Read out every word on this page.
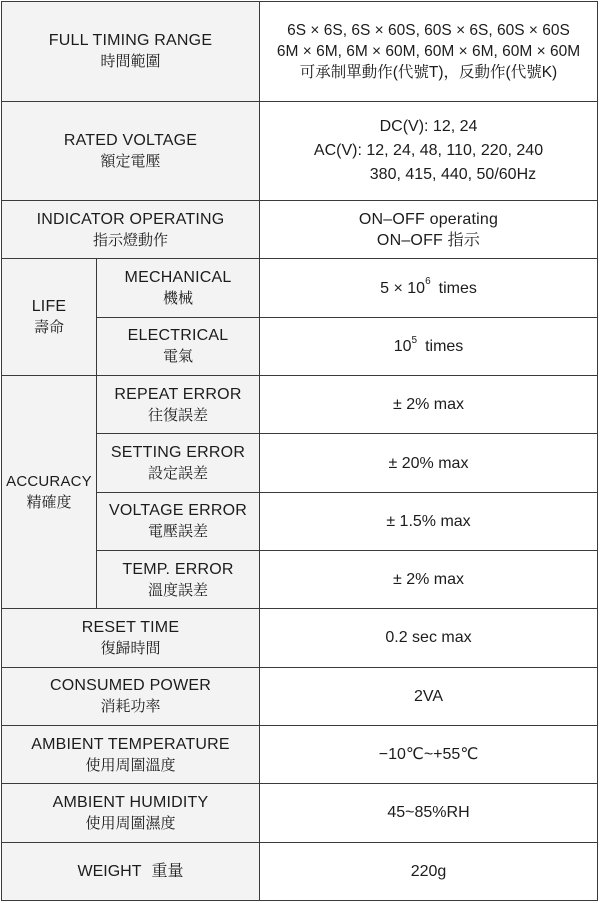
FULL TIMING RANGE
時間範圍		6S × 6S, 6S × 60S, 60S × 6S, 60S × 60S
6M × 6M, 6M × 60M, 60M × 6M, 60M × 60M
可承制單動作(代號T)，反動作(代號K)

RATED VOLTAGE
額定電壓		DC(V): 12, 24
AC(V): 12, 24, 48, 110, 220, 240
380, 415, 440, 50/60Hz

INDICATOR OPERATING
指示燈動作		ON–OFF operating
ON–OFF 指示

LIFE
壽命	MECHANICAL
機械	$5 \times 10^6$ times

	ELECTRICAL
電氣	$10^5$ times

ACCURACY
精確度	REPEAT ERROR
往復誤差	± 2% max

	SETTING ERROR
設定誤差	± 20% max

	VOLTAGE ERROR
電壓誤差	± 1.5% max

	TEMP. ERROR
溫度誤差	± 2% max

RESET TIME
復歸時間		0.2 sec max

CONSUMED POWER
消耗功率		2VA

AMBIENT TEMPERATURE
使用周圍溫度		−10℃~+55℃

AMBIENT HUMIDITY
使用周圍濕度		45~85%RH
WEIGHT 重量		220g
